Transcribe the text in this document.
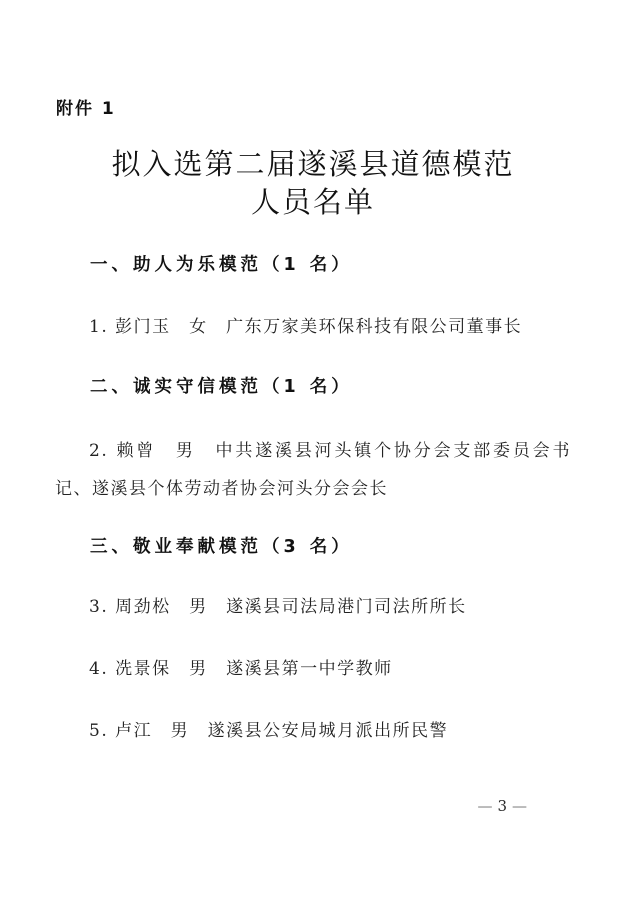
附件 1
拟入选第二届遂溪县道德模范
人员名单

一、助人为乐模范（1 名）

1. 彭门玉　女　广东万家美环保科技有限公司董事长

二、诚实守信模范（1 名）

2. 赖曾　男　中共遂溪县河头镇个协分会支部委员会书记、遂溪县个体劳动者协会河头分会会长

三、敬业奉献模范（3 名）

3. 周劲松　男　遂溪县司法局港门司法所所长

4. 冼景保　男　遂溪县第一中学教师

5. 卢江　男　遂溪县公安局城月派出所民警

— 3 —
